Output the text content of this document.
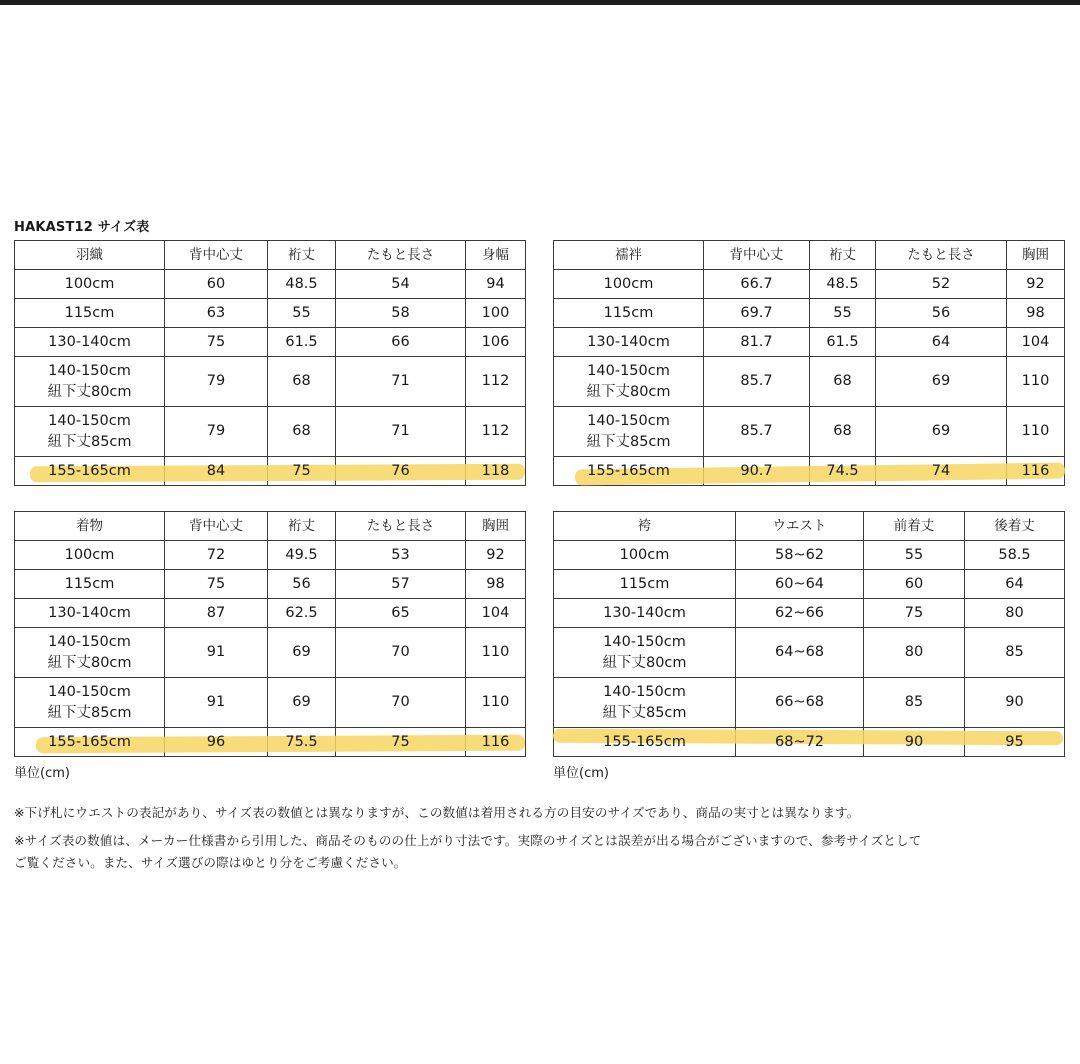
HAKAST12 サイズ表
羽織	背中心丈	裄丈	たもと長さ	身幅
100cm	60	48.5	54	94
115cm	63	55	58	100
130-140cm	75	61.5	66	106
140-150cm
紐下丈80cm	79	68	71	112
140-150cm
紐下丈85cm	79	68	71	112
155-165cm	84	75	76	118
襦袢	背中心丈	裄丈	たもと長さ	胸囲
100cm	66.7	48.5	52	92
115cm	69.7	55	56	98
130-140cm	81.7	61.5	64	104
140-150cm
紐下丈80cm	85.7	68	69	110
140-150cm
紐下丈85cm	85.7	68	69	110
155-165cm	90.7	74.5	74	116
着物	背中心丈	裄丈	たもと長さ	胸囲
100cm	72	49.5	53	92
115cm	75	56	57	98
130-140cm	87	62.5	65	104
140-150cm
紐下丈80cm	91	69	70	110
140-150cm
紐下丈85cm	91	69	70	110
155-165cm	96	75.5	75	116
袴	ウエスト	前着丈	後着丈
100cm	58~62	55	58.5
115cm	60~64	60	64
130-140cm	62~66	75	80
140-150cm
紐下丈80cm	64~68	80	85
140-150cm
紐下丈85cm	66~68	85	90
155-165cm	68~72	90	95
単位(cm)	単位(cm)
※下げ札にウエストの表記があり、サイズ表の数値とは異なりますが、この数値は着用される方の目安のサイズであり、商品の実寸とは異なります。
※サイズ表の数値は、メーカー仕様書から引用した、商品そのものの仕上がり寸法です。実際のサイズとは誤差が出る場合がございますので、参考サイズとして
ご覧ください。また、サイズ選びの際はゆとり分をご考慮ください。
